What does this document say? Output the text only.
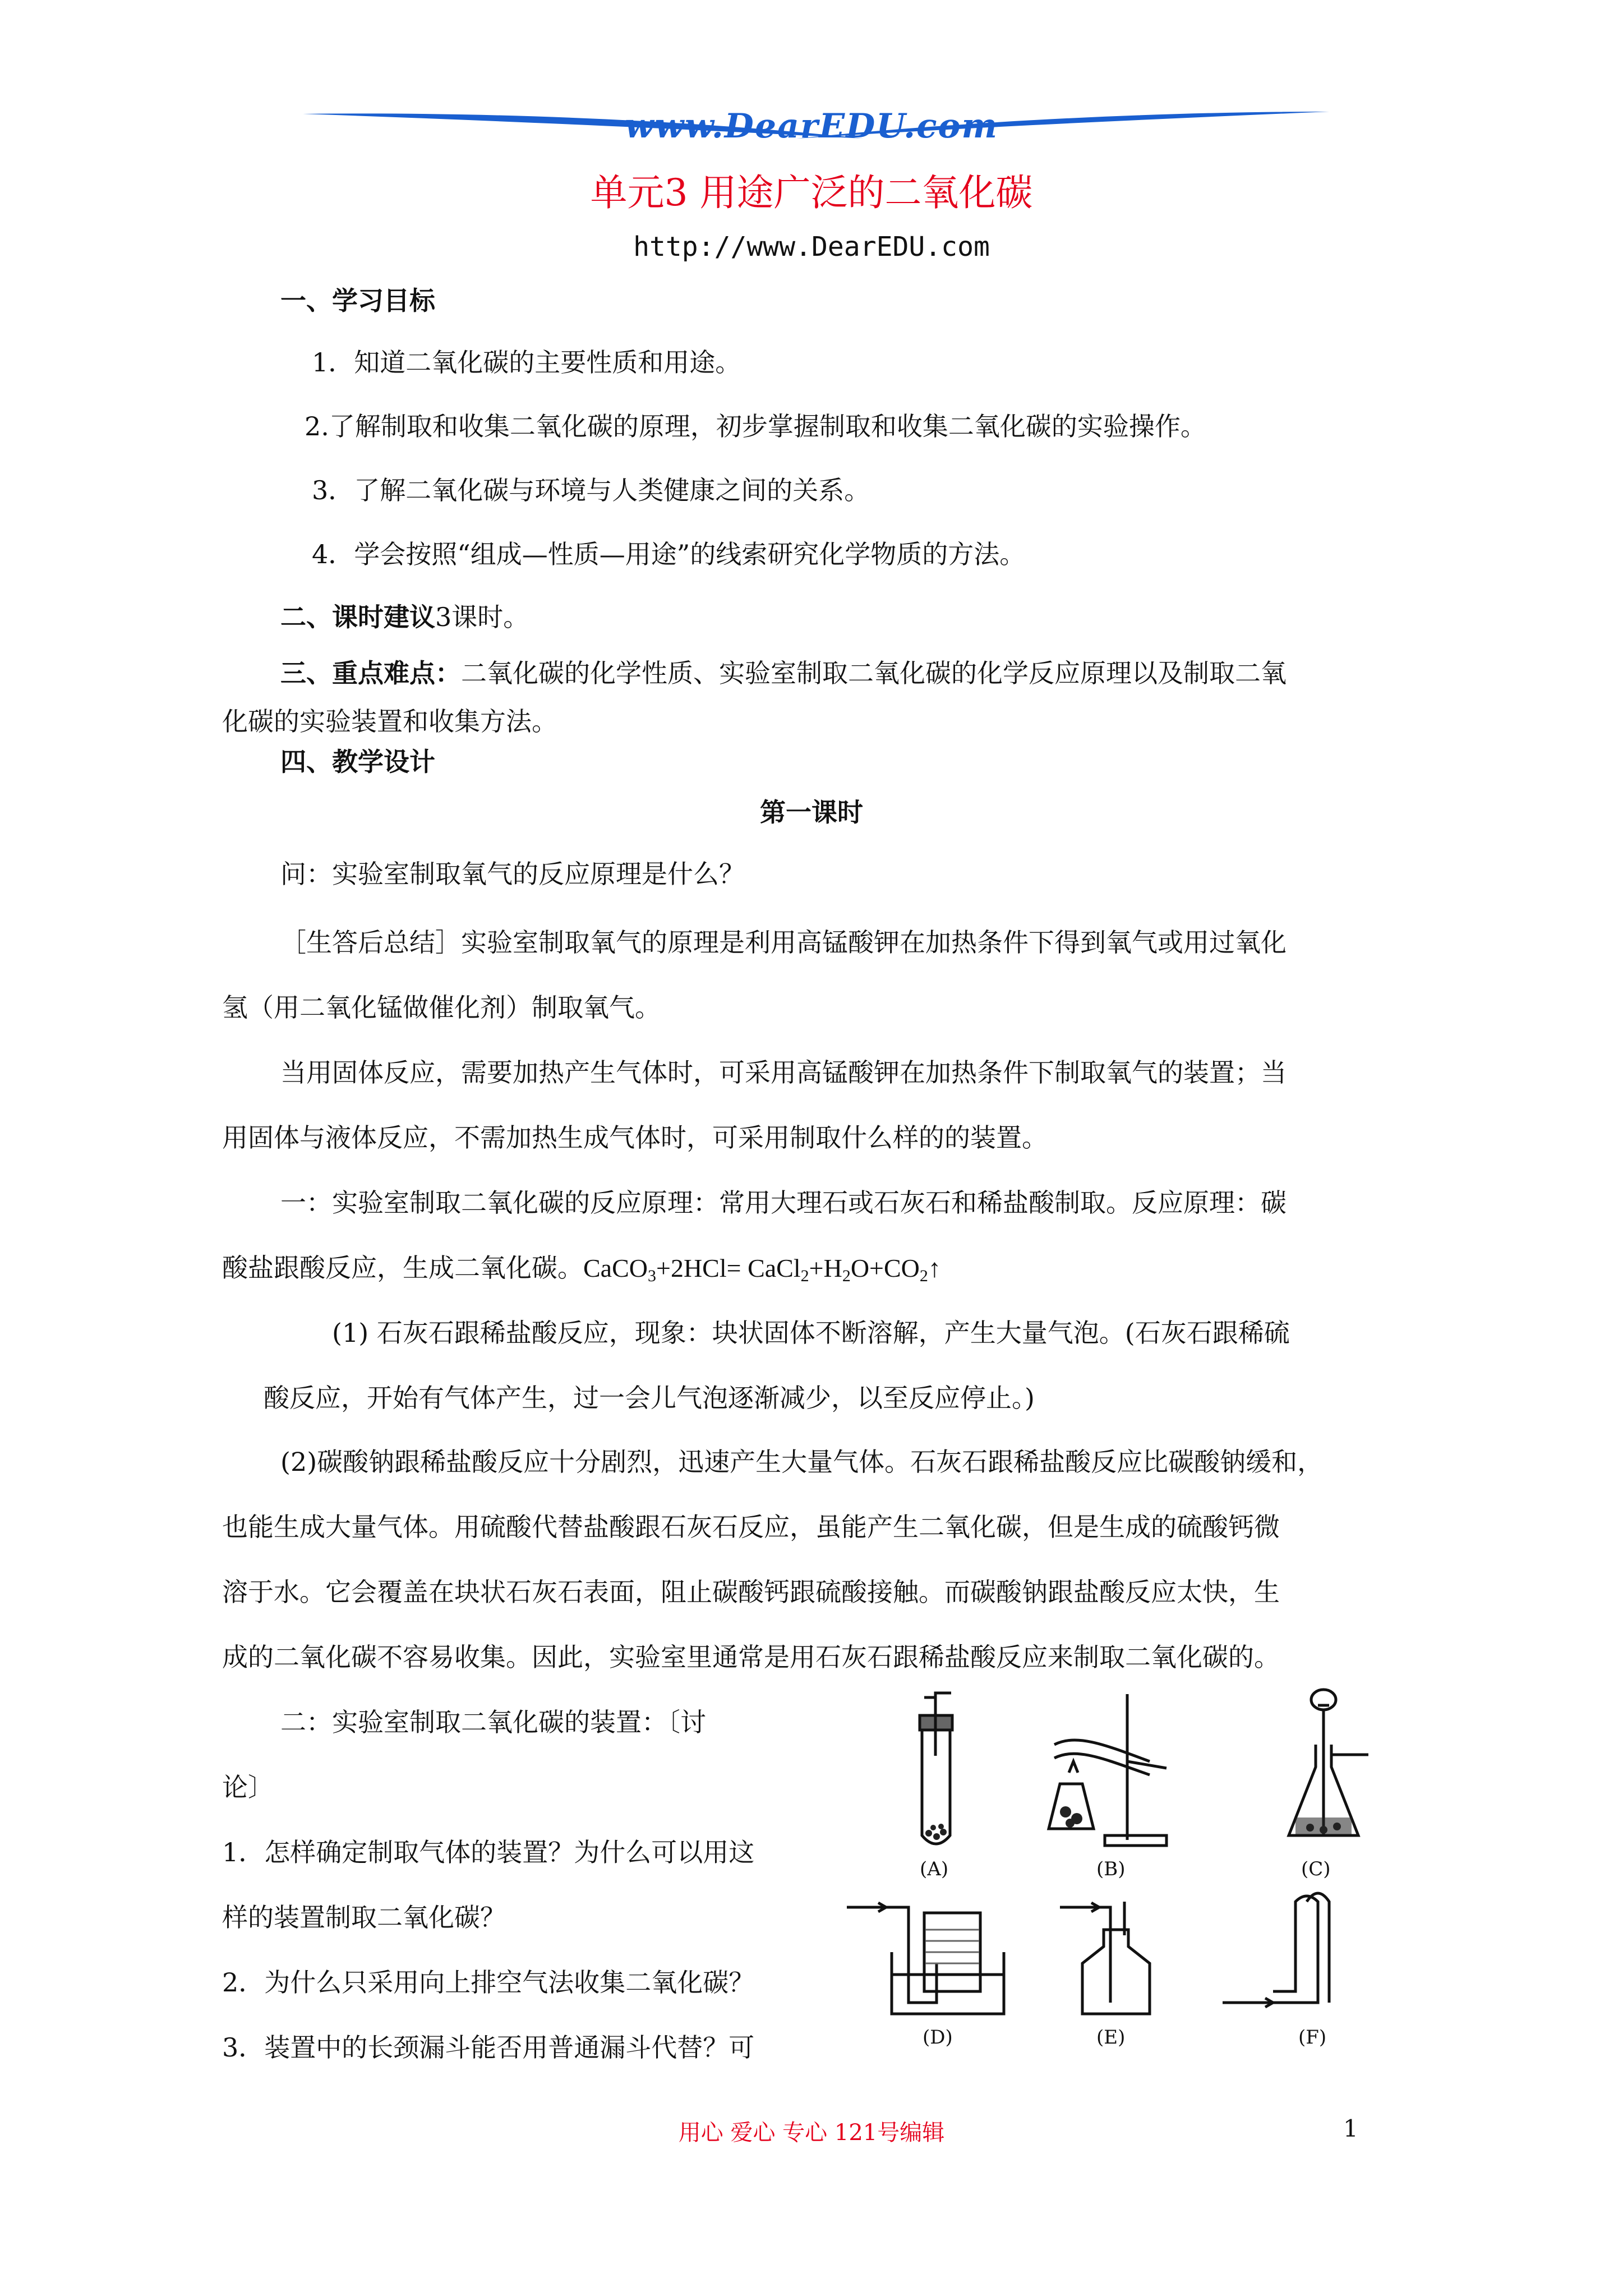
www.DearEDU.com
单元3 用途广泛的二氧化碳
http://www.DearEDU.com
一、学习目标
1．知道二氧化碳的主要性质和用途。
2.了解制取和收集二氧化碳的原理，初步掌握制取和收集二氧化碳的实验操作。
3．了解二氧化碳与环境与人类健康之间的关系。
4．学会按照“组成—性质—用途”的线索研究化学物质的方法。
二、课时建议3课时。
三、重点难点：二氧化碳的化学性质、实验室制取二氧化碳的化学反应原理以及制取二氧
化碳的实验装置和收集方法。
四、教学设计
第一课时
问：实验室制取氧气的反应原理是什么？
［生答后总结］实验室制取氧气的原理是利用高锰酸钾在加热条件下得到氧气或用过氧化
氢（用二氧化锰做催化剂）制取氧气。
当用固体反应，需要加热产生气体时，可采用高锰酸钾在加热条件下制取氧气的装置；当
用固体与液体反应，不需加热生成气体时，可采用制取什么样的的装置。
一：实验室制取二氧化碳的反应原理：常用大理石或石灰石和稀盐酸制取。反应原理：碳
酸盐跟酸反应，生成二氧化碳。CaCO$_3$+2HCl= $CaCl_2+H_2O+CO_2↑$
(1) 石灰石跟稀盐酸反应，现象：块状固体不断溶解，产生大量气泡。(石灰石跟稀硫
酸反应，开始有气体产生，过一会儿气泡逐渐减少，以至反应停止。)
(2)碳酸钠跟稀盐酸反应十分剧烈，迅速产生大量气体。石灰石跟稀盐酸反应比碳酸钠缓和，
也能生成大量气体。用硫酸代替盐酸跟石灰石反应，虽能产生二氧化碳，但是生成的硫酸钙微
溶于水。它会覆盖在块状石灰石表面，阻止碳酸钙跟硫酸接触。而碳酸钠跟盐酸反应太快，生
成的二氧化碳不容易收集。因此，实验室里通常是用石灰石跟稀盐酸反应来制取二氧化碳的。
二：实验室制取二氧化碳的装置：〔讨
论〕
1．怎样确定制取气体的装置？为什么可以用这
样的装置制取二氧化碳？
2．为什么只采用向上排空气法收集二氧化碳？
3．装置中的长颈漏斗能否用普通漏斗代替？可
(A)	(B)	(C)
(D)	(E)	(F)
用心 爱心 专心 121号编辑	1
